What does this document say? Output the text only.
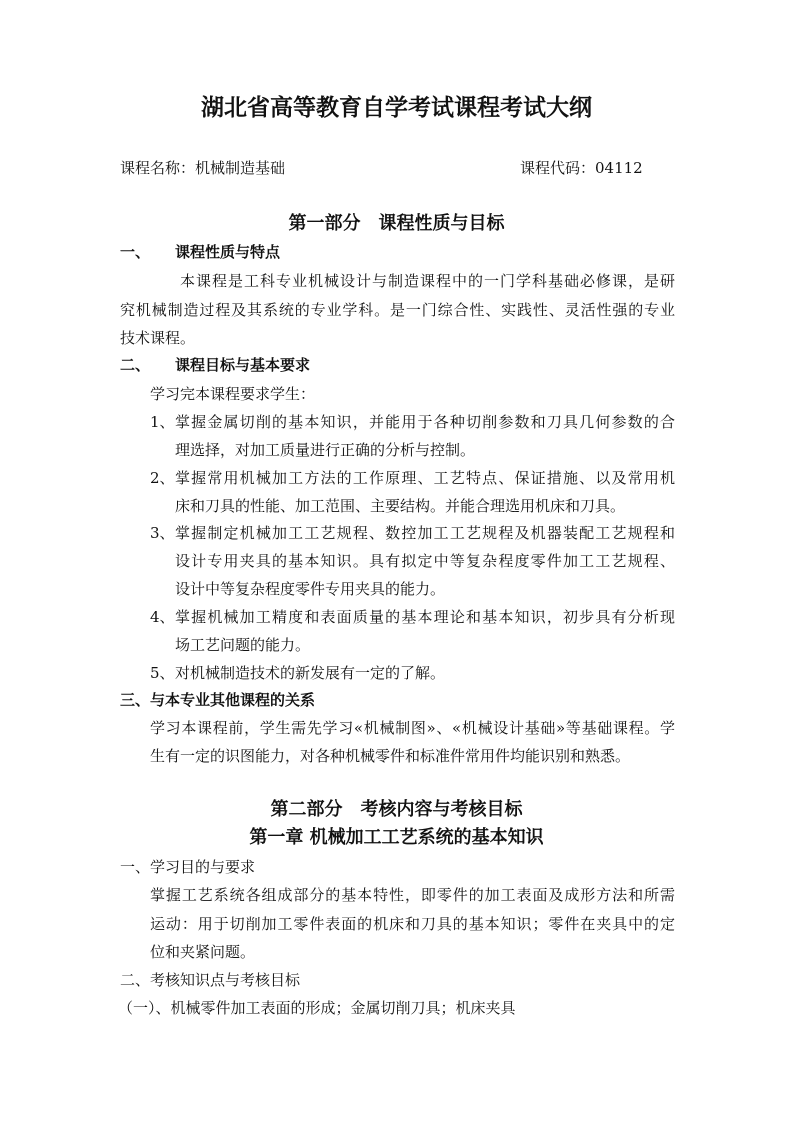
湖北省高等教育自学考试课程考试大纲
课程名称：机械制造基础	课程代码：04112
第一部分　课程性质与目标
一、 课程性质与特点
本课程是工科专业机械设计与制造课程中的一门学科基础必修课，是研
究机械制造过程及其系统的专业学科。是一门综合性、实践性、灵活性强的专业
技术课程。
二、 课程目标与基本要求
学习完本课程要求学生：
1、 掌握金属切削的基本知识，并能用于各种切削参数和刀具几何参数的合
理选择，对加工质量进行正确的分析与控制。
2、 掌握常用机械加工方法的工作原理、工艺特点、保证措施、以及常用机
床和刀具的性能、加工范围、主要结构。并能合理选用机床和刀具。
3、 掌握制定机械加工工艺规程、数控加工工艺规程及机器装配工艺规程和
设计专用夹具的基本知识。具有拟定中等复杂程度零件加工工艺规程、
设计中等复杂程度零件专用夹具的能力。
4、 掌握机械加工精度和表面质量的基本理论和基本知识，初步具有分析现
场工艺问题的能力。
5、 对机械制造技术的新发展有一定的了解。
三、与本专业其他课程的关系
学习本课程前，学生需先学习«机械制图»、«机械设计基础»等基础课程。学
生有一定的识图能力，对各种机械零件和标准件常用件均能识别和熟悉。
第二部分　考核内容与考核目标
第一章 机械加工工艺系统的基本知识
一、学习目的与要求
掌握工艺系统各组成部分的基本特性，即零件的加工表面及成形方法和所需
运动：用于切削加工零件表面的机床和刀具的基本知识；零件在夹具中的定
位和夹紧问题。
二、考核知识点与考核目标
（一）、机械零件加工表面的形成；金属切削刀具；机床夹具
